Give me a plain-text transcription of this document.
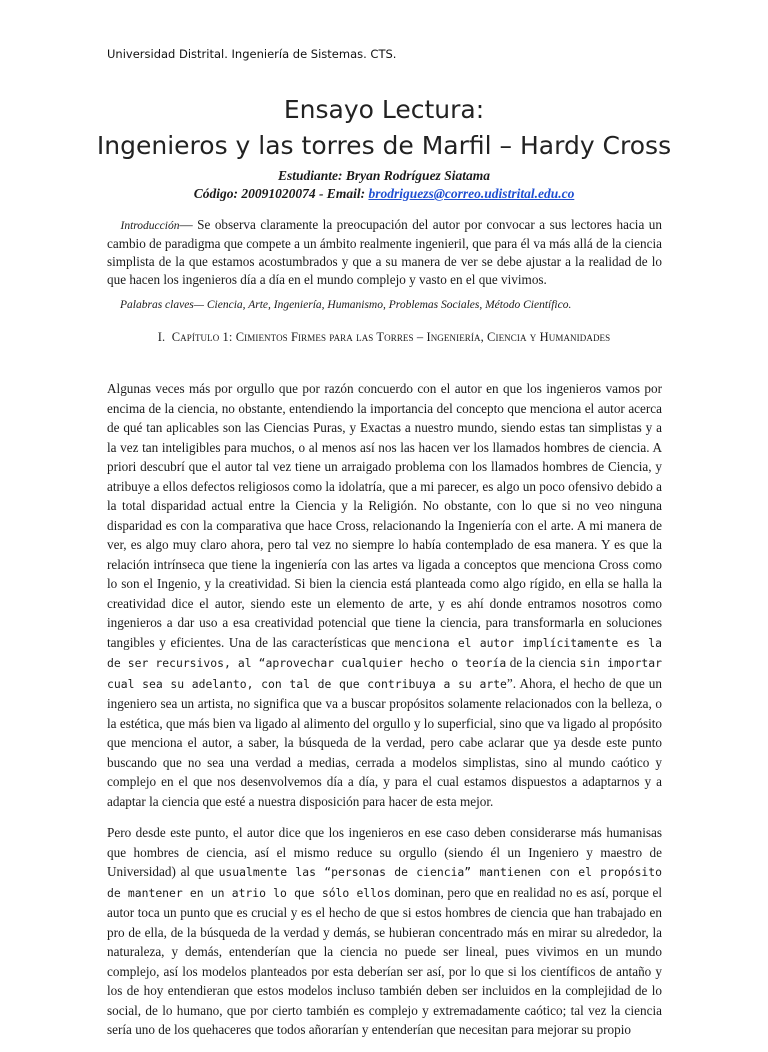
Universidad Distrital. Ingeniería de Sistemas. CTS.
Ensayo Lectura:
Ingenieros y las torres de Marfil – Hardy Cross
Estudiante: Bryan Rodríguez Siatama
Código: 20091020074 - Email: brodriguezs@correo.udistrital.edu.co
Introducción— Se observa claramente la preocupación del autor por convocar a sus lectores hacia un cambio de paradigma que compete a un ámbito realmente ingenieril, que para él va más allá de la ciencia simplista de la que estamos acostumbrados y que a su manera de ver se debe ajustar a la realidad de lo que hacen los ingenieros día a día en el mundo complejo y vasto en el que vivimos.
Palabras claves— Ciencia, Arte, Ingeniería, Humanismo, Problemas Sociales, Método Científico.
I. Capítulo 1: Cimientos Firmes para las Torres – Ingeniería, Ciencia y Humanidades

Algunas veces más por orgullo que por razón concuerdo con el autor en que los ingenieros vamos por encima de la ciencia, no obstante, entendiendo la importancia del concepto que menciona el autor acerca de qué tan aplicables son las Ciencias Puras, y Exactas a nuestro mundo, siendo estas tan simplistas y a la vez tan inteligibles para muchos, o al menos así nos las hacen ver los llamados hombres de ciencia. A priori descubrí que el autor tal vez tiene un arraigado problema con los llamados hombres de Ciencia, y atribuye a ellos defectos religiosos como la idolatría, que a mi parecer, es algo un poco ofensivo debido a la total disparidad actual entre la Ciencia y la Religión. No obstante, con lo que si no veo ninguna disparidad es con la comparativa que hace Cross, relacionando la Ingeniería con el arte. A mi manera de ver, es algo muy claro ahora, pero tal vez no siempre lo había contemplado de esa manera. Y es que la relación intrínseca que tiene la ingeniería con las artes va ligada a conceptos que menciona Cross como lo son el Ingenio, y la creatividad. Si bien la ciencia está planteada como algo rígido, en ella se halla la creatividad dice el autor, siendo este un elemento de arte, y es ahí donde entramos nosotros como ingenieros a dar uso a esa creatividad potencial que tiene la ciencia, para transformarla en soluciones tangibles y eficientes. Una de las características que menciona el autor implícitamente es la de ser recursivos, al “aprovechar cualquier hecho o teoría de la ciencia sin importar cual sea su adelanto, con tal de que contribuya a su arte”. Ahora, el hecho de que un ingeniero sea un artista, no significa que va a buscar propósitos solamente relacionados con la belleza, o la estética, que más bien va ligado al alimento del orgullo y lo superficial, sino que va ligado al propósito que menciona el autor, a saber, la búsqueda de la verdad, pero cabe aclarar que ya desde este punto buscando que no sea una verdad a medias, cerrada a modelos simplistas, sino al mundo caótico y complejo en el que nos desenvolvemos día a día, y para el cual estamos dispuestos a adaptarnos y a adaptar la ciencia que esté a nuestra disposición para hacer de esta mejor.

Pero desde este punto, el autor dice que los ingenieros en ese caso deben considerarse más humanisas que hombres de ciencia, así el mismo reduce su orgullo (siendo él un Ingeniero y maestro de Universidad) al que usualmente las “personas de ciencia” mantienen con el propósito de mantener en un atrio lo que sólo ellos dominan, pero que en realidad no es así, porque el autor toca un punto que es crucial y es el hecho de que si estos hombres de ciencia que han trabajado en pro de ella, de la búsqueda de la verdad y demás, se hubieran concentrado más en mirar su alrededor, la naturaleza, y demás, entenderían que la ciencia no puede ser lineal, pues vivimos en un mundo complejo, así los modelos planteados por esta deberían ser así, por lo que si los científicos de antaño y los de hoy entendieran que estos modelos incluso también deben ser incluidos en la complejidad de lo social, de lo humano, que por cierto también es complejo y extremadamente caótico; tal vez la ciencia sería uno de los quehaceres que todos añorarían y entenderían que necesitan para mejorar su propio
